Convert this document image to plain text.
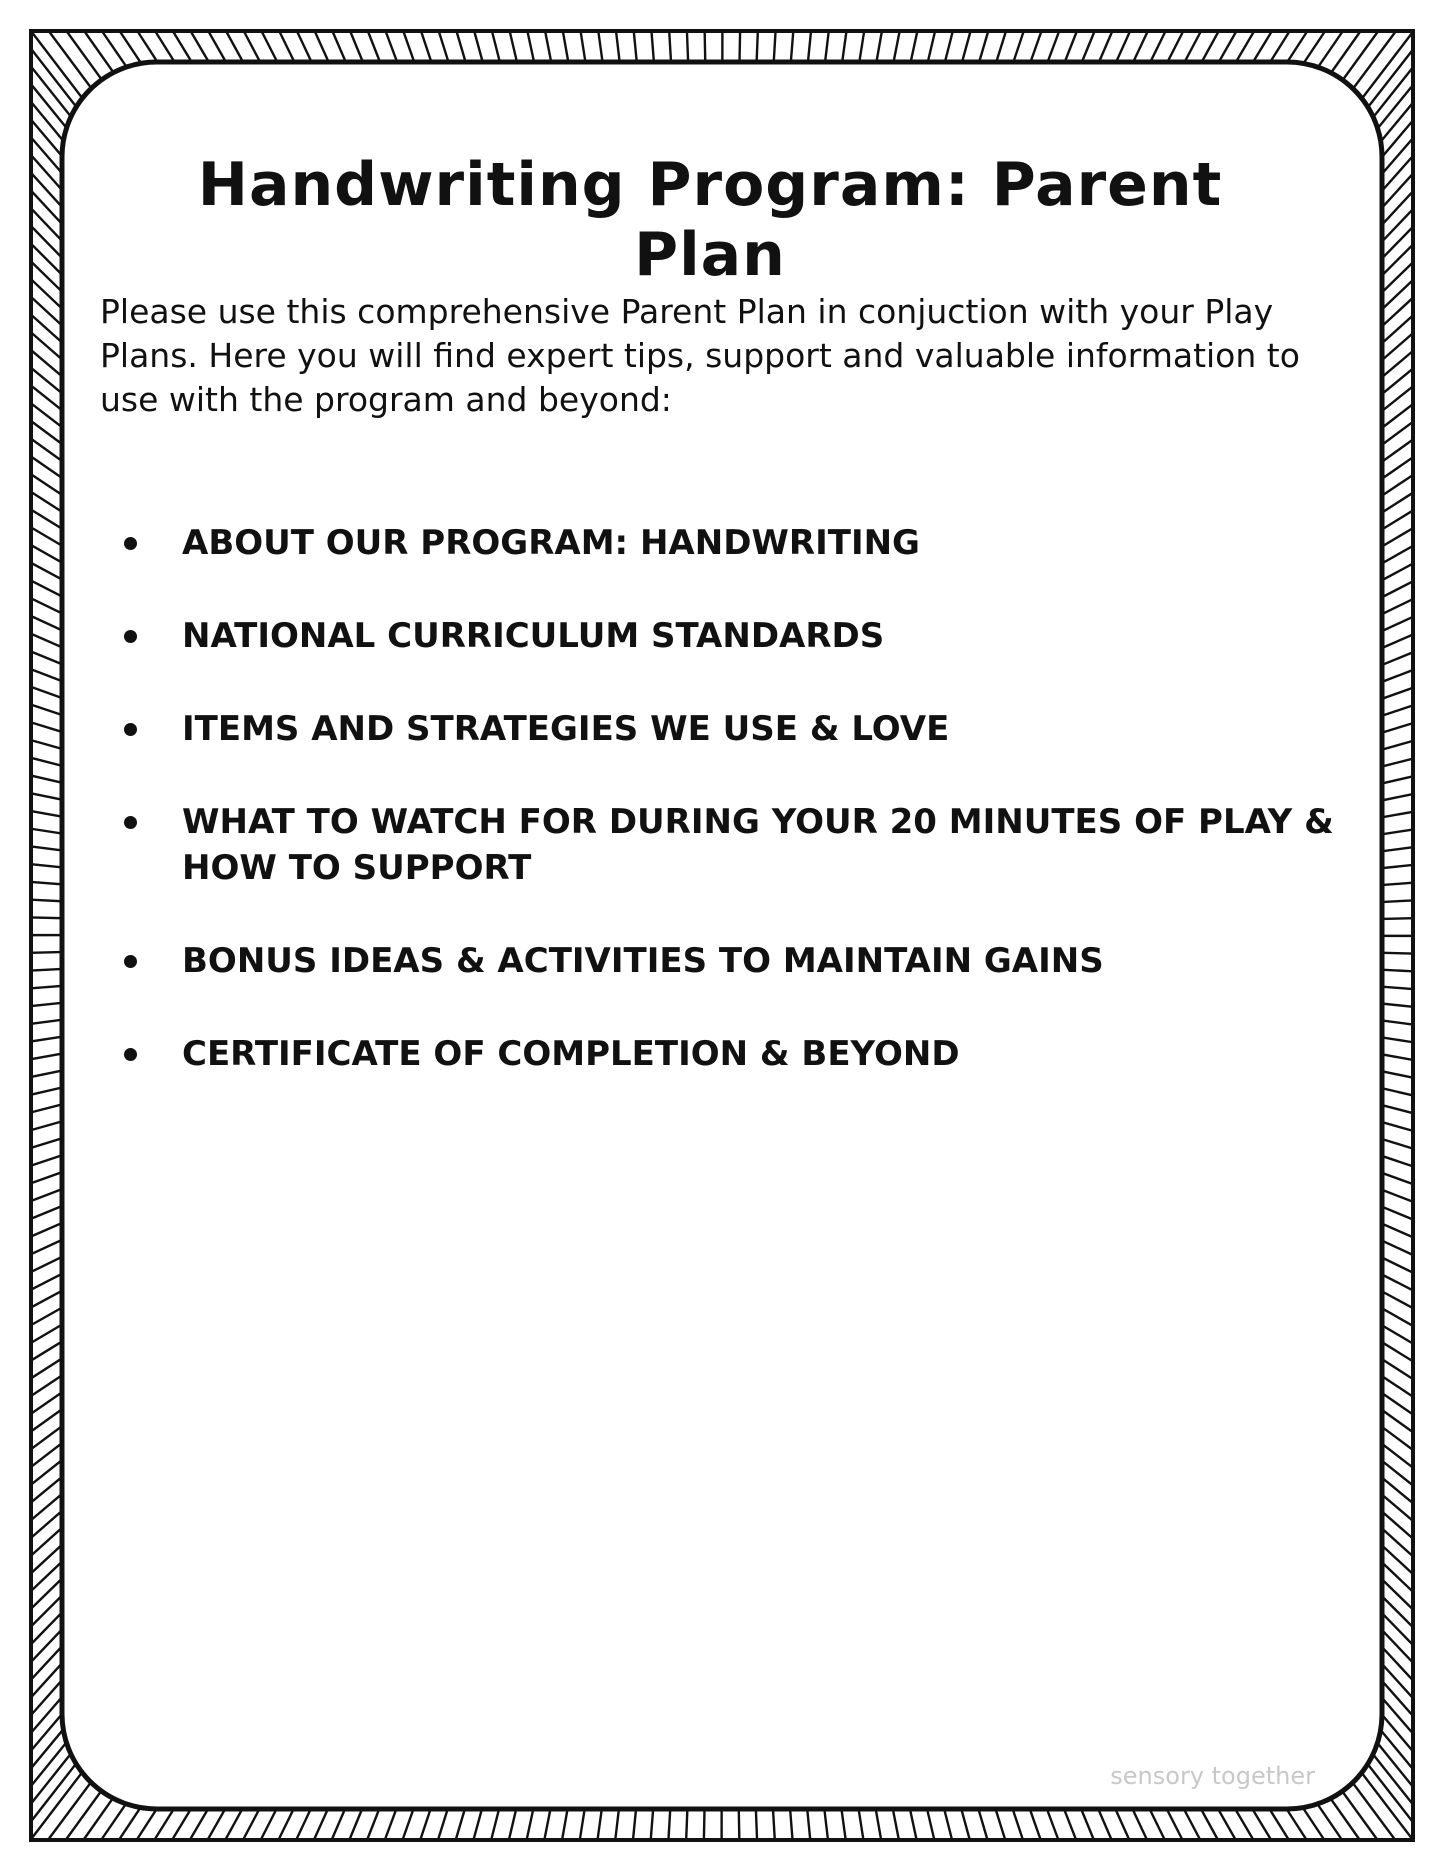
Handwriting Program: Parent Plan

Please use this comprehensive Parent Plan in conjuction with your Play Plans. Here you will find expert tips, support and valuable information to use with the program and beyond:

ABOUT OUR PROGRAM: HANDWRITING
NATIONAL CURRICULUM STANDARDS
ITEMS AND STRATEGIES WE USE & LOVE
WHAT TO WATCH FOR DURING YOUR 20 MINUTES OF PLAY & HOW TO SUPPORT
BONUS IDEAS & ACTIVITIES TO MAINTAIN GAINS
CERTIFICATE OF COMPLETION & BEYOND

sensory together
